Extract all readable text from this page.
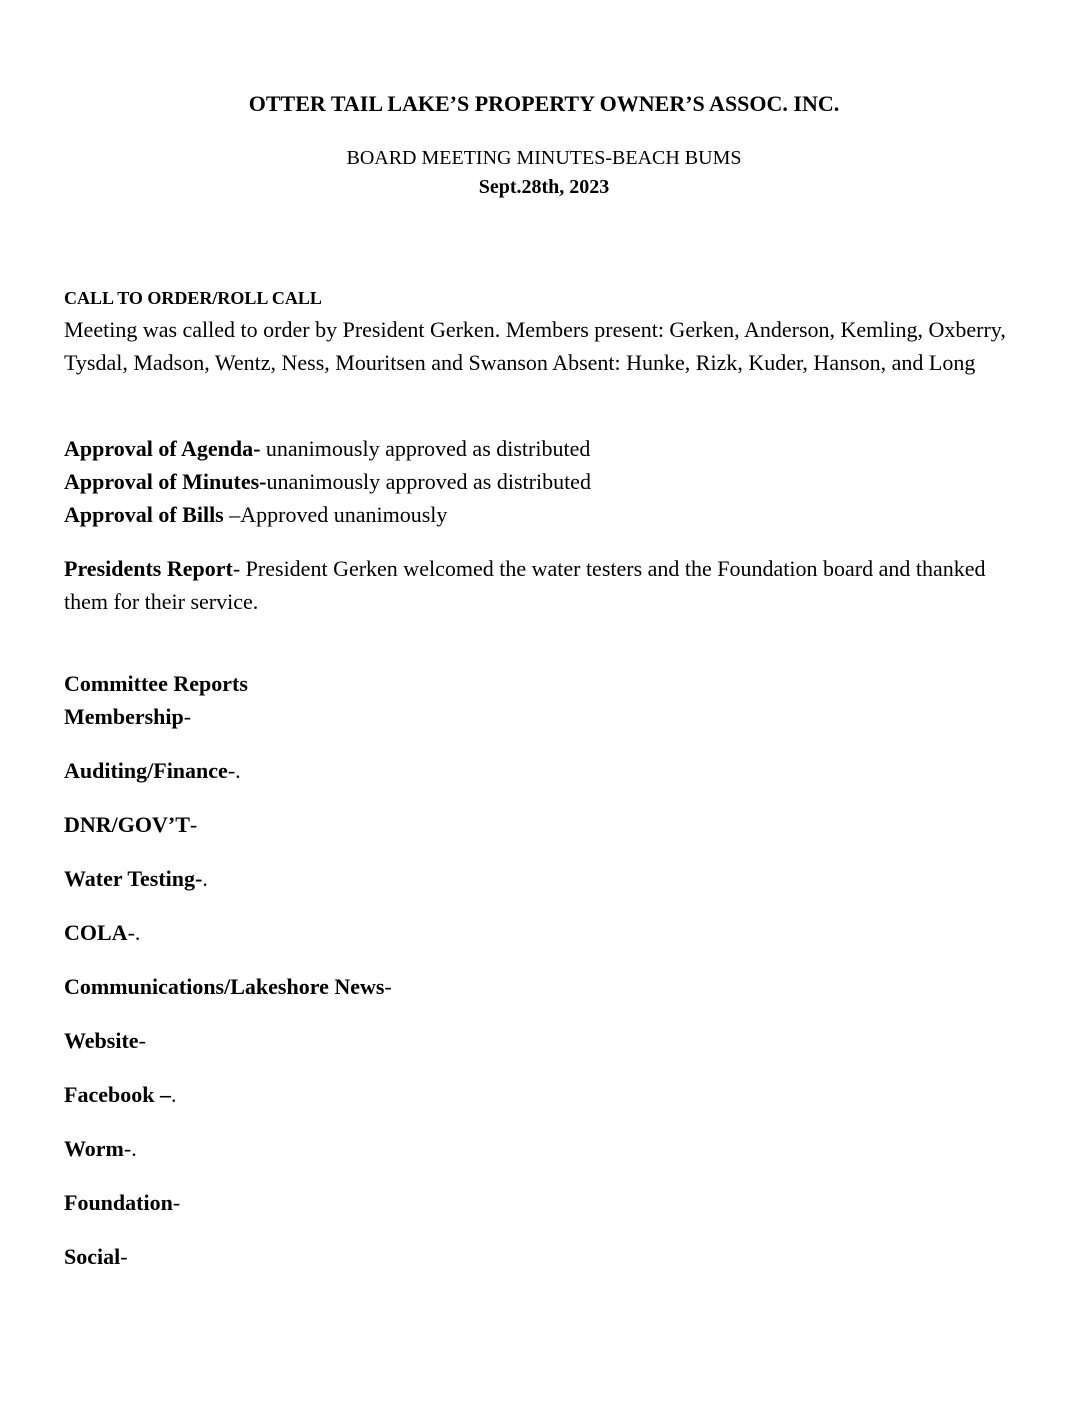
OTTER TAIL LAKE’S PROPERTY OWNER’S ASSOC. INC.
BOARD MEETING MINUTES-BEACH BUMS
Sept.28th, 2023
CALL TO ORDER/ROLL CALL
Meeting was called to order by President Gerken. Members present: Gerken, Anderson, Kemling, Oxberry, Tysdal, Madson, Wentz, Ness, Mouritsen and Swanson Absent: Hunke, Rizk, Kuder, Hanson, and Long
Approval of Agenda- unanimously approved as distributed
Approval of Minutes-unanimously approved as distributed
Approval of Bills –Approved unanimously
Presidents Report- President Gerken welcomed the water testers and the Foundation board and thanked them for their service.
Committee Reports
Membership-
Auditing/Finance-.
DNR/GOV’T-
Water Testing-.
COLA-.
Communications/Lakeshore News-
Website-
Facebook –.
Worm-.
Foundation-
Social-
